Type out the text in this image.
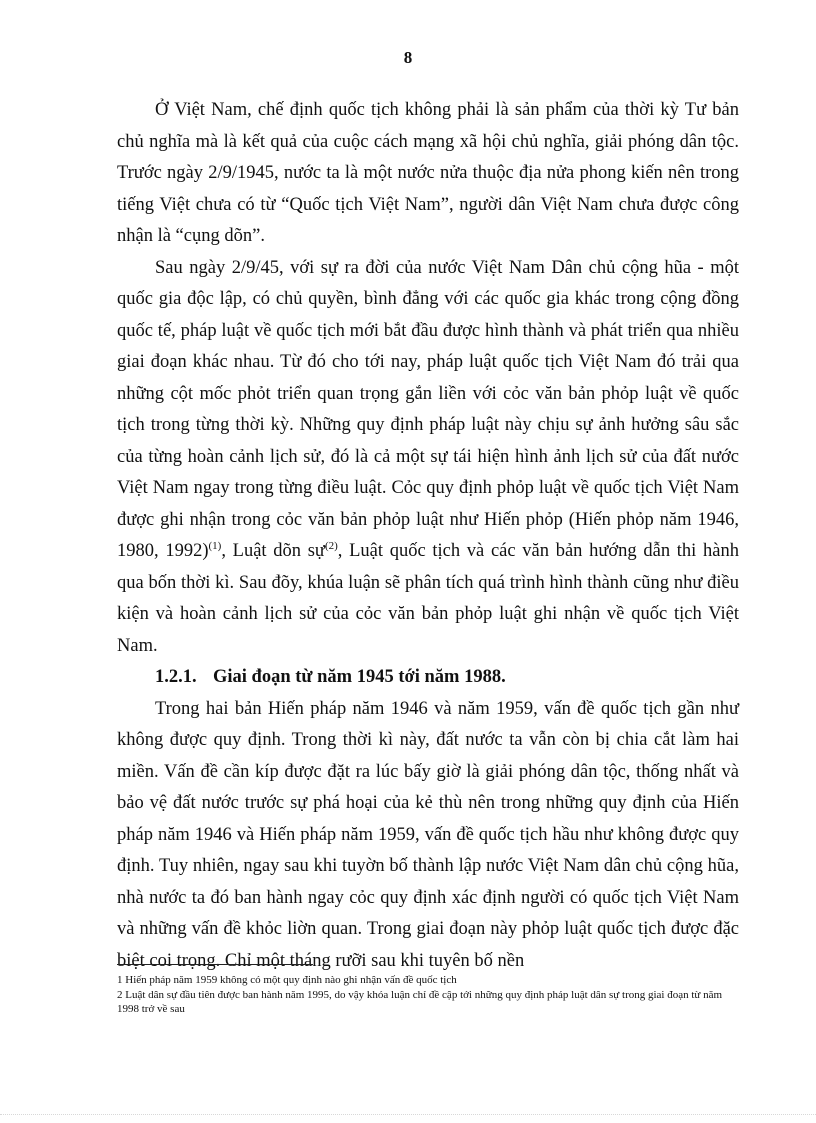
8

Ở Việt Nam, chế định quốc tịch không phải là sản phẩm của thời kỳ Tư bản chủ nghĩa mà là kết quả của cuộc cách mạng xã hội chủ nghĩa, giải phóng dân tộc. Trước ngày 2/9/1945, nước ta là một nước nửa thuộc địa nửa phong kiến nên trong tiếng Việt chưa có từ “Quốc tịch Việt Nam”, người dân Việt Nam chưa được công nhận là “cụng dõn”.

Sau ngày 2/9/45, với sự ra đời của nước Việt Nam Dân chủ cộng hũa - một quốc gia độc lập, có chủ quyền, bình đẳng với các quốc gia khác trong cộng đồng quốc tế, pháp luật về quốc tịch mới bắt đầu được hình thành và phát triển qua nhiều giai đoạn khác nhau. Từ đó cho tới nay, pháp luật quốc tịch Việt Nam đó trải qua những cột mốc phỏt triển quan trọng gắn liền với cỏc văn bản phỏp luật về quốc tịch trong từng thời kỳ. Những quy định pháp luật này chịu sự ảnh hưởng sâu sắc của từng hoàn cảnh lịch sử, đó là cả một sự tái hiện hình ảnh lịch sử của đất nước Việt Nam ngay trong từng điều luật. Cỏc quy định phỏp luật về quốc tịch Việt Nam được ghi nhận trong cỏc văn bản phỏp luật như Hiến phỏp (Hiến phỏp năm 1946, 1980, 1992)$^{(1)}$, Luật dõn sự$^{(2)}$, Luật quốc tịch và các văn bản hướng dẫn thi hành qua bốn thời kì. Sau đõy, khúa luận sẽ phân tích quá trình hình thành cũng như điều kiện và hoàn cảnh lịch sử của cỏc văn bản phỏp luật ghi nhận về quốc tịch Việt Nam.

1.2.1. Giai đoạn từ năm 1945 tới năm 1988.

Trong hai bản Hiến pháp năm 1946 và năm 1959, vấn đề quốc tịch gần như không được quy định. Trong thời kì này, đất nước ta vẫn còn bị chia cắt làm hai miền. Vấn đề cần kíp được đặt ra lúc bấy giờ là giải phóng dân tộc, thống nhất và bảo vệ đất nước trước sự phá hoại của kẻ thù nên trong những quy định của Hiến pháp năm 1946 và Hiến pháp năm 1959, vấn đề quốc tịch hầu như không được quy định. Tuy nhiên, ngay sau khi tuyờn bố thành lập nước Việt Nam dân chủ cộng hũa, nhà nước ta đó ban hành ngay cỏc quy định xác định người có quốc tịch Việt Nam và những vấn đề khỏc liờn quan. Trong giai đoạn này phỏp luật quốc tịch được đặc biệt coi trọng. Chỉ một tháng rưỡi sau khi tuyên bố nền

1 Hiến pháp năm 1959 không có một quy định nào ghi nhận vấn đề quốc tịch

2 Luật dân sự đầu tiên được ban hành năm 1995, do vậy khóa luận chỉ đề cập tới những quy định pháp luật dân sự trong giai đoạn từ năm 1998 trở về sau
